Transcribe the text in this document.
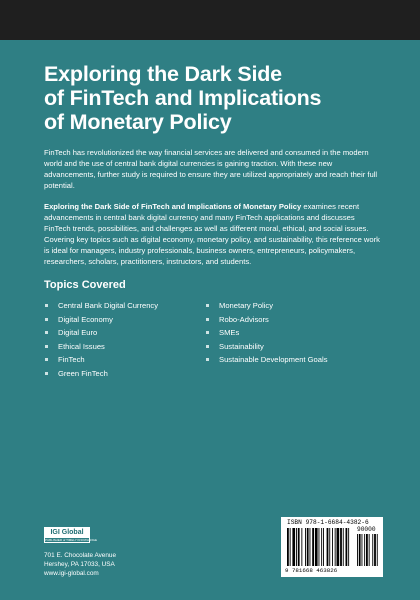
Exploring the Dark Side
of FinTech and Implications
of Monetary Policy

FinTech has revolutionized the way financial services are delivered and consumed in the modern world and the use of central bank digital currencies is gaining traction. With these new advancements, further study is required to ensure they are utilized appropriately and reach their full potential.

Exploring the Dark Side of FinTech and Implications of Monetary Policy examines recent advancements in central bank digital currency and many FinTech applications and discusses FinTech trends, possibilities, and challenges as well as different moral, ethical, and social issues. Covering key topics such as digital economy, monetary policy, and sustainability, this reference work is ideal for managers, industry professionals, business owners, entrepreneurs, policymakers, researchers, scholars, practitioners, instructors, and students.

Topics Covered
Central Bank Digital Currency
Digital Economy
Digital Euro
Ethical Issues
FinTech
Green FinTech
Monetary Policy
Robo-Advisors
SMEs
Sustainability
Sustainable Development Goals
IGI Global
PUBLISHER of TIMELY KNOWLEDGE
701 E. Chocolate Avenue
Hershey, PA 17033, USA
www.igi-global.com
ISBN 978-1-6684-4382-6
90000
9 781668 463826
